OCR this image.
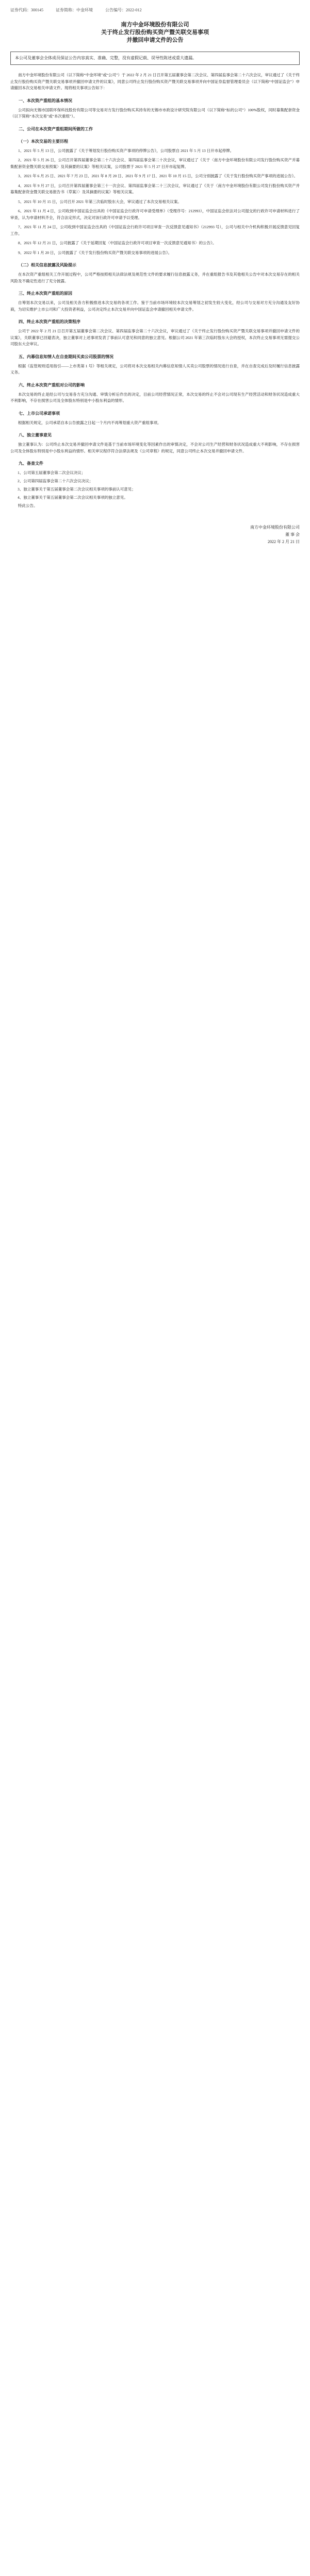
证券代码：300145	证券简称：中金环境	公告编号：2022-012
南方中金环境股份有限公司
关于终止发行股份购买资产暨关联交易事项
并撤回申请文件的公告
本公司及董事会全体成员保证公告内容真实、准确、完整，没有虚假记载、误导性陈述或重大遗漏。

南方中金环境股份有限公司（以下简称“中金环境”或“公司”）于 2022 年 2 月 21 日召开第五届董事会第二次会议、第四届监事会第二十六次会议，审议通过了《关于终止发行股份购买资产暨关联交易事项并撤回申请文件的议案》，同意公司终止发行股份购买资产暨关联交易事项并向中国证券监督管理委员会（以下简称“中国证监会”）申请撤回本次交易相关申请文件。现将相关事项公告如下：

一、本次资产重组的基本情况

公司拟向无锡市国联环保科技股份有限公司等交易对方发行股份购买其持有的无锡市市政设计研究院有限公司（以下简称“标的公司”）100%股权，同时募集配套资金（以下简称“本次交易”或“本次重组”）。

二、公司在本次资产重组期间所做的工作
（一）本次交易的主要历程

1、2021 年 5 月 13 日，公司披露了《关于筹划发行股份购买资产事项的停牌公告》，公司股票自 2021 年 5 月 13 日开市起停牌。

2、2021 年 5 月 26 日，公司召开第四届董事会第二十六次会议、第四届监事会第二十次会议，审议通过了《关于〈南方中金环境股份有限公司发行股份购买资产并募集配套资金暨关联交易预案〉及其摘要的议案》等相关议案，公司股票于 2021 年 5 月 27 日开市起复牌。

3、2021 年 6 月 25 日、2021 年 7 月 23 日、2021 年 8 月 20 日、2021 年 9 月 17 日、2021 年 10 月 15 日，公司分别披露了《关于发行股份购买资产事项的进展公告》。

4、2021 年 9 月 27 日，公司召开第四届董事会第三十一次会议、第四届监事会第二十三次会议，审议通过了《关于〈南方中金环境股份有限公司发行股份购买资产并募集配套资金暨关联交易报告书（草案）〉及其摘要的议案》等相关议案。

5、2021 年 10 月 15 日，公司召开 2021 年第三次临时股东大会，审议通过了本次交易相关议案。

6、2021 年 11 月 4 日，公司收到中国证监会出具的《中国证监会行政许可申请受理单》（受理序号：212993），中国证监会依法对公司提交的行政许可申请材料进行了审查，认为申请材料齐全，符合法定形式，决定对该行政许可申请予以受理。

7、2021 年 11 月 24 日，公司收到中国证监会出具的《中国证监会行政许可项目审查一次反馈意见通知书》（212993 号），公司与相关中介机构积极开展反馈意见回复工作。

8、2021 年 12 月 21 日，公司披露了《关于延期回复〈中国证监会行政许可项目审查一次反馈意见通知书〉的公告》。

9、2022 年 1 月 20 日，公司披露了《关于发行股份购买资产暨关联交易事项的进展公告》。

（二）相关信息披露及风险提示

在本次资产重组相关工作开展过程中，公司严格按照相关法律法规及规范性文件的要求履行信息披露义务，并在重组报告书及其他相关公告中对本次交易存在的相关风险及不确定性进行了充分披露。

三、终止本次资产重组的原因

自筹划本次交易以来，公司及相关各方积极推进本次交易的各项工作。鉴于当前市场环境较本次交易筹划之初发生较大变化，经公司与交易对方充分沟通及友好协商，为切实维护上市公司和广大投资者利益，公司决定终止本次交易并向中国证监会申请撤回相关申请文件。

四、终止本次资产重组的决策程序

公司于 2022 年 2 月 21 日召开第五届董事会第二次会议、第四届监事会第二十六次会议，审议通过了《关于终止发行股份购买资产暨关联交易事项并撤回申请文件的议案》，关联董事已回避表决，独立董事对上述事项发表了事前认可意见和同意的独立意见。根据公司 2021 年第三次临时股东大会的授权，本次终止交易事项无需提交公司股东大会审议。

五、内幕信息知情人在自查期间买卖公司股票的情况

根据《监管规则适用指引——上市类第 1 号》等相关规定，公司将对本次交易相关内幕信息知情人买卖公司股票的情况进行自查，并在自查完成后及时履行信息披露义务。

六、终止本次资产重组对公司的影响

本次交易的终止是经公司与交易各方充分沟通、审慎分析后作出的决定，目前公司经营情况正常，本次交易的终止不会对公司现有生产经营活动和财务状况造成重大不利影响，不存在损害公司及全体股东特别是中小股东利益的情形。

七、上市公司承诺事项

根据相关规定，公司承诺自本公告披露之日起一个月内不再筹划重大资产重组事项。

八、独立董事意见

独立董事认为：公司终止本次交易并撤回申请文件是基于当前市场环境变化等因素作出的审慎决定，不会对公司生产经营和财务状况造成重大不利影响，不存在损害公司及全体股东特别是中小股东利益的情形。相关审议程序符合法律法规及《公司章程》的规定，同意公司终止本次交易并撤回申请文件。

九、备查文件
1、公司第五届董事会第二次会议决议；
2、公司第四届监事会第二十六次会议决议；
3、独立董事关于第五届董事会第二次会议相关事项的事前认可意见；
4、独立董事关于第五届董事会第二次会议相关事项的独立意见。

特此公告。

南方中金环境股份有限公司
董 事 会
2022 年 2 月 21 日
